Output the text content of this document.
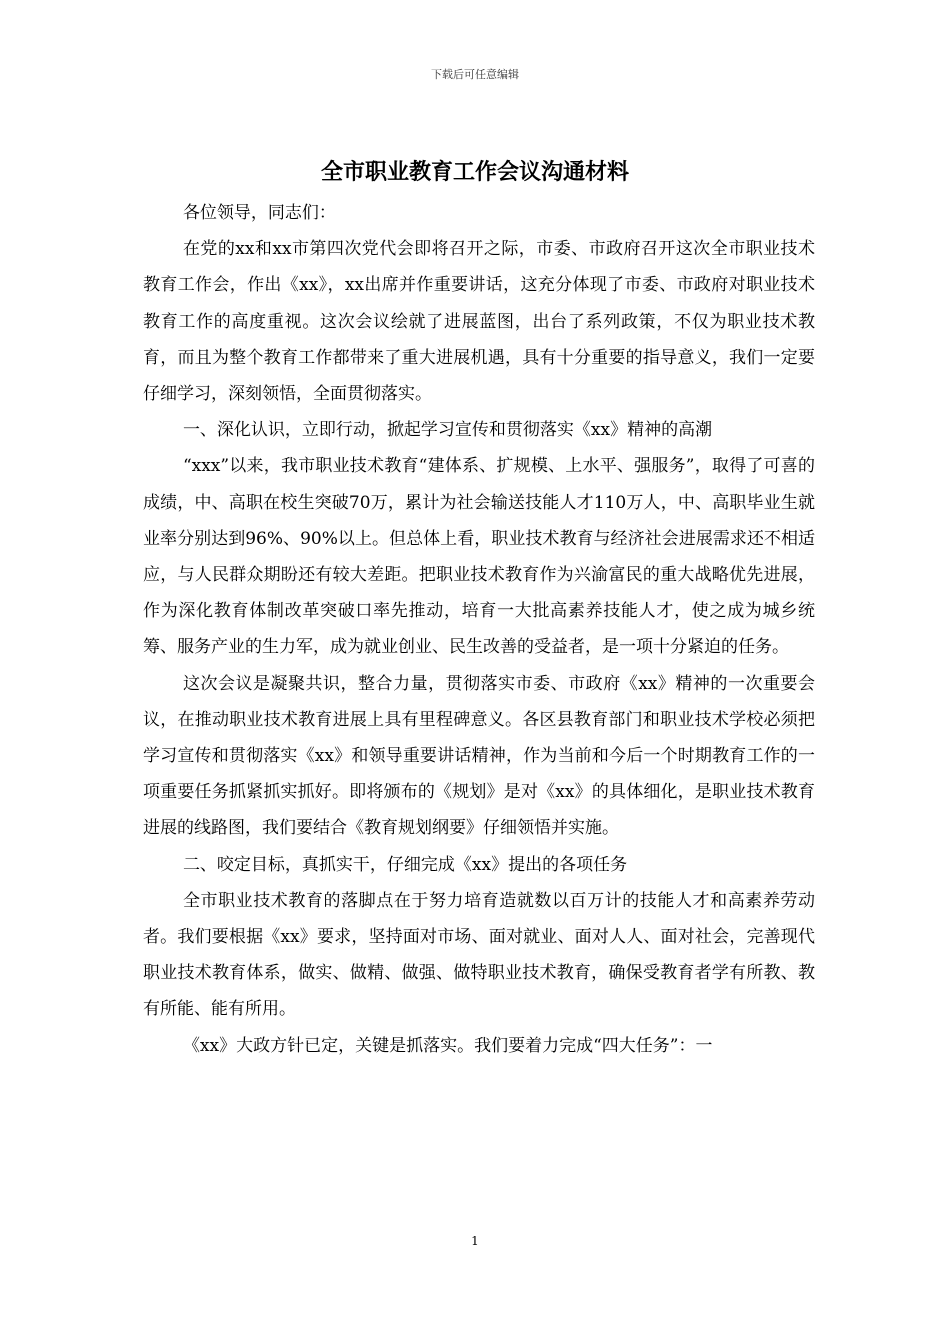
下载后可任意编辑
全市职业教育工作会议沟通材料

各位领导，同志们：

在党的xx和xx市第四次党代会即将召开之际，市委、市政府召开这次全市职业技术教育工作会，作出《xx》，xx出席并作重要讲话，这充分体现了市委、市政府对职业技术教育工作的高度重视。这次会议绘就了进展蓝图，出台了系列政策，不仅为职业技术教育，而且为整个教育工作都带来了重大进展机遇，具有十分重要的指导意义，我们一定要仔细学习，深刻领悟，全面贯彻落实。

一、深化认识，立即行动，掀起学习宣传和贯彻落实《xx》精神的高潮

“xxx”以来，我市职业技术教育“建体系、扩规模、上水平、强服务”，取得了可喜的成绩，中、高职在校生突破70万，累计为社会输送技能人才110万人，中、高职毕业生就业率分别达到96%、90%以上。但总体上看，职业技术教育与经济社会进展需求还不相适应，与人民群众期盼还有较大差距。把职业技术教育作为兴渝富民的重大战略优先进展，作为深化教育体制改革突破口率先推动，培育一大批高素养技能人才，使之成为城乡统筹、服务产业的生力军，成为就业创业、民生改善的受益者，是一项十分紧迫的任务。

这次会议是凝聚共识，整合力量，贯彻落实市委、市政府《xx》精神的一次重要会议，在推动职业技术教育进展上具有里程碑意义。各区县教育部门和职业技术学校必须把学习宣传和贯彻落实《xx》和领导重要讲话精神，作为当前和今后一个时期教育工作的一项重要任务抓紧抓实抓好。即将颁布的《规划》是对《xx》的具体细化，是职业技术教育进展的线路图，我们要结合《教育规划纲要》仔细领悟并实施。

二、咬定目标，真抓实干，仔细完成《xx》提出的各项任务

全市职业技术教育的落脚点在于努力培育造就数以百万计的技能人才和高素养劳动者。我们要根据《xx》要求，坚持面对市场、面对就业、面对人人、面对社会，完善现代职业技术教育体系，做实、做精、做强、做特职业技术教育，确保受教育者学有所教、教有所能、能有所用。

《xx》大政方针已定，关键是抓落实。我们要着力完成“四大任务”：一

1
